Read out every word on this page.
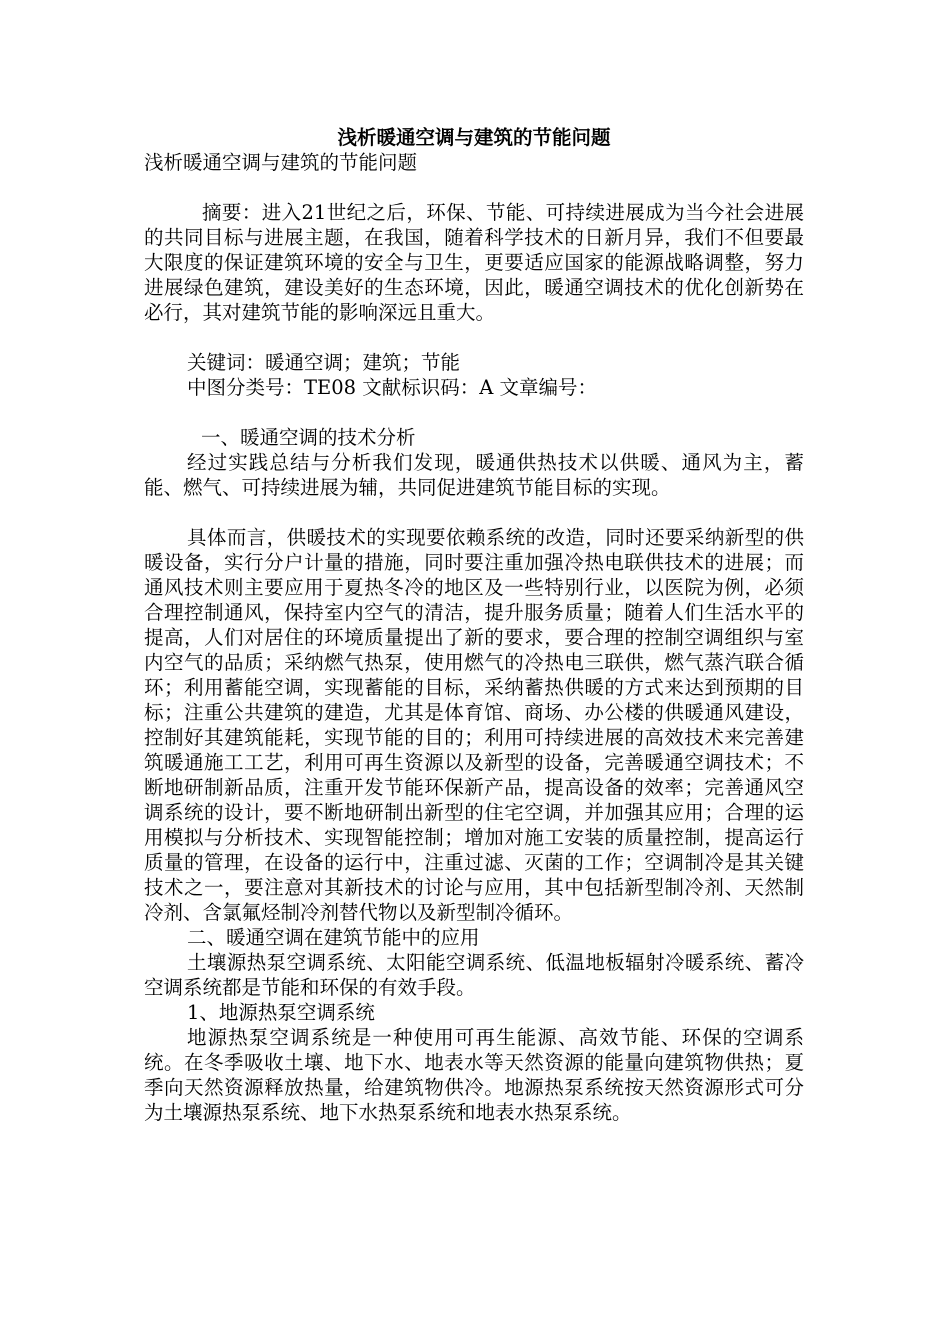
浅析暖通空调与建筑的节能问题

浅析暖通空调与建筑的节能问题

摘要：进入21世纪之后，环保、节能、可持续进展成为当今社会进展的共同目标与进展主题，在我国，随着科学技术的日新月异，我们不但要最大限度的保证建筑环境的安全与卫生，更要适应国家的能源战略调整，努力进展绿色建筑，建设美好的生态环境，因此，暖通空调技术的优化创新势在必行，其对建筑节能的影响深远且重大。

关键词：暖通空调；建筑；节能

中图分类号：TE08 文献标识码：A 文章编号：

一、暖通空调的技术分析

经过实践总结与分析我们发现，暖通供热技术以供暖、通风为主，蓄能、燃气、可持续进展为辅，共同促进建筑节能目标的实现。

具体而言，供暖技术的实现要依赖系统的改造，同时还要采纳新型的供暖设备，实行分户计量的措施，同时要注重加强冷热电联供技术的进展；而通风技术则主要应用于夏热冬冷的地区及一些特别行业，以医院为例，必须合理控制通风，保持室内空气的清洁，提升服务质量；随着人们生活水平的提高，人们对居住的环境质量提出了新的要求，要合理的控制空调组织与室内空气的品质；采纳燃气热泵，使用燃气的冷热电三联供，燃气蒸汽联合循环；利用蓄能空调，实现蓄能的目标，采纳蓄热供暖的方式来达到预期的目标；注重公共建筑的建造，尤其是体育馆、商场、办公楼的供暖通风建设，控制好其建筑能耗，实现节能的目的；利用可持续进展的高效技术来完善建筑暖通施工工艺，利用可再生资源以及新型的设备，完善暖通空调技术；不断地研制新品质，注重开发节能环保新产品，提高设备的效率；完善通风空调系统的设计，要不断地研制出新型的住宅空调，并加强其应用；合理的运用模拟与分析技术、实现智能控制；增加对施工安装的质量控制，提高运行质量的管理，在设备的运行中，注重过滤、灭菌的工作；空调制冷是其关键技术之一，要注意对其新技术的讨论与应用，其中包括新型制冷剂、天然制冷剂、含氯氟烃制冷剂替代物以及新型制冷循环。

二、暖通空调在建筑节能中的应用

土壤源热泵空调系统、太阳能空调系统、低温地板辐射冷暖系统、蓄冷空调系统都是节能和环保的有效手段。

1、地源热泵空调系统

地源热泵空调系统是一种使用可再生能源、高效节能、环保的空调系统。在冬季吸收土壤、地下水、地表水等天然资源的能量向建筑物供热；夏季向天然资源释放热量，给建筑物供冷。地源热泵系统按天然资源形式可分为土壤源热泵系统、地下水热泵系统和地表水热泵系统。
